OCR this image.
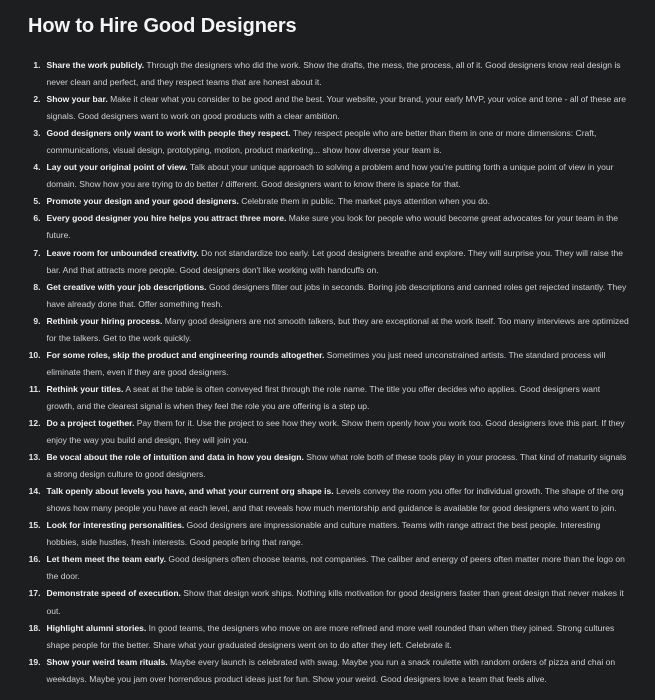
How to Hire Good Designers
1. Share the work publicly. Through the designers who did the work. Show the drafts, the mess, the process, all of it. Good designers know real design is never clean and perfect, and they respect teams that are honest about it.
2. Show your bar. Make it clear what you consider to be good and the best. Your website, your brand, your early MVP, your voice and tone - all of these are signals. Good designers want to work on good products with a clear ambition.
3. Good designers only want to work with people they respect. They respect people who are better than them in one or more dimensions: Craft, communications, visual design, prototyping, motion, product marketing... show how diverse your team is.
4. Lay out your original point of view. Talk about your unique approach to solving a problem and how you're putting forth a unique point of view in your domain. Show how you are trying to do better / different. Good designers want to know there is space for that.
5. Promote your design and your good designers. Celebrate them in public. The market pays attention when you do.
6. Every good designer you hire helps you attract three more. Make sure you look for people who would become great advocates for your team in the future.
7. Leave room for unbounded creativity. Do not standardize too early. Let good designers breathe and explore. They will surprise you. They will raise the bar. And that attracts more people. Good designers don't like working with handcuffs on.
8. Get creative with your job descriptions. Good designers filter out jobs in seconds. Boring job descriptions and canned roles get rejected instantly. They have already done that. Offer something fresh.
9. Rethink your hiring process. Many good designers are not smooth talkers, but they are exceptional at the work itself. Too many interviews are optimized for the talkers. Get to the work quickly.
10. For some roles, skip the product and engineering rounds altogether. Sometimes you just need unconstrained artists. The standard process will eliminate them, even if they are good designers.
11. Rethink your titles. A seat at the table is often conveyed first through the role name. The title you offer decides who applies. Good designers want growth, and the clearest signal is when they feel the role you are offering is a step up.
12. Do a project together. Pay them for it. Use the project to see how they work. Show them openly how you work too. Good designers love this part. If they enjoy the way you build and design, they will join you.
13. Be vocal about the role of intuition and data in how you design. Show what role both of these tools play in your process. That kind of maturity signals a strong design culture to good designers.
14. Talk openly about levels you have, and what your current org shape is. Levels convey the room you offer for individual growth. The shape of the org shows how many people you have at each level, and that reveals how much mentorship and guidance is available for good designers who want to join.
15. Look for interesting personalities. Good designers are impressionable and culture matters. Teams with range attract the best people. Interesting hobbies, side hustles, fresh interests. Good people bring that range.
16. Let them meet the team early. Good designers often choose teams, not companies. The caliber and energy of peers often matter more than the logo on the door.
17. Demonstrate speed of execution. Show that design work ships. Nothing kills motivation for good designers faster than great design that never makes it out.
18. Highlight alumni stories. In good teams, the designers who move on are more refined and more well rounded than when they joined. Strong cultures shape people for the better. Share what your graduated designers went on to do after they left. Celebrate it.
19. Show your weird team rituals. Maybe every launch is celebrated with swag. Maybe you run a snack roulette with random orders of pizza and chai on weekdays. Maybe you jam over horrendous product ideas just for fun. Show your weird. Good designers love a team that feels alive.
